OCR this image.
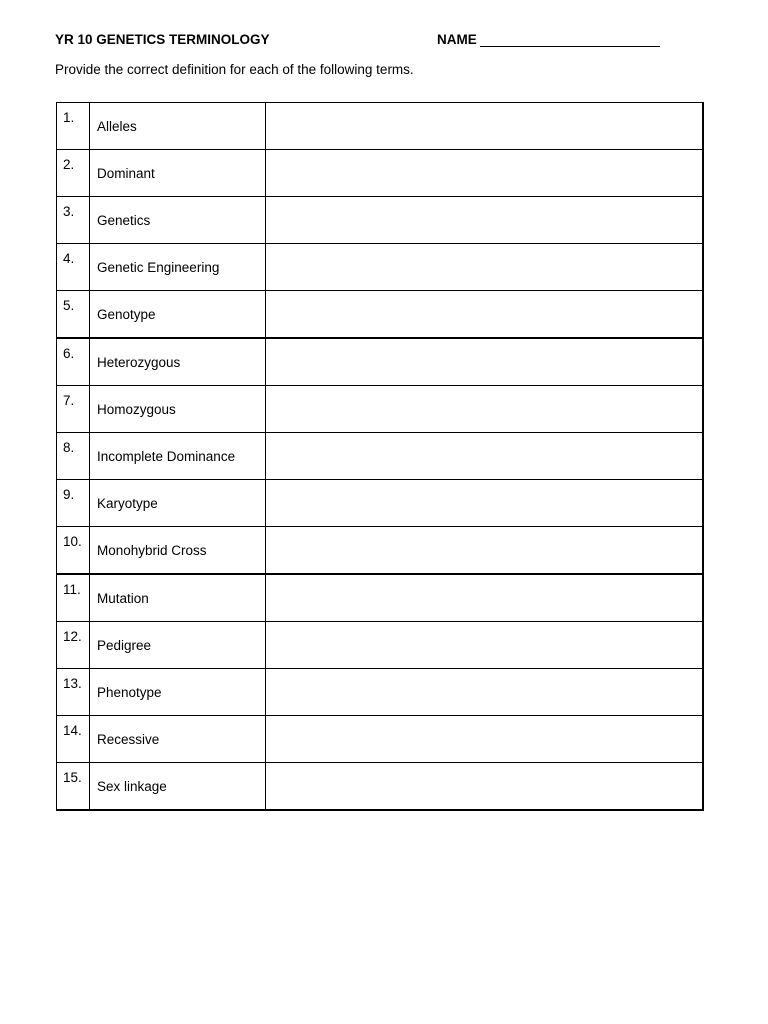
YR 10 GENETICS TERMINOLOGY	NAME
Provide the correct definition for each of the following terms.
1.	Alleles	

2.	Dominant	

3.	Genetics	

4.	Genetic Engineering	

5.	Genotype	

6.	Heterozygous	

7.	Homozygous	

8.	Incomplete Dominance	

9.	Karyotype	

10.	Monohybrid Cross	

11.	Mutation	

12.	Pedigree	

13.	Phenotype	

14.	Recessive	

15.	Sex linkage	
